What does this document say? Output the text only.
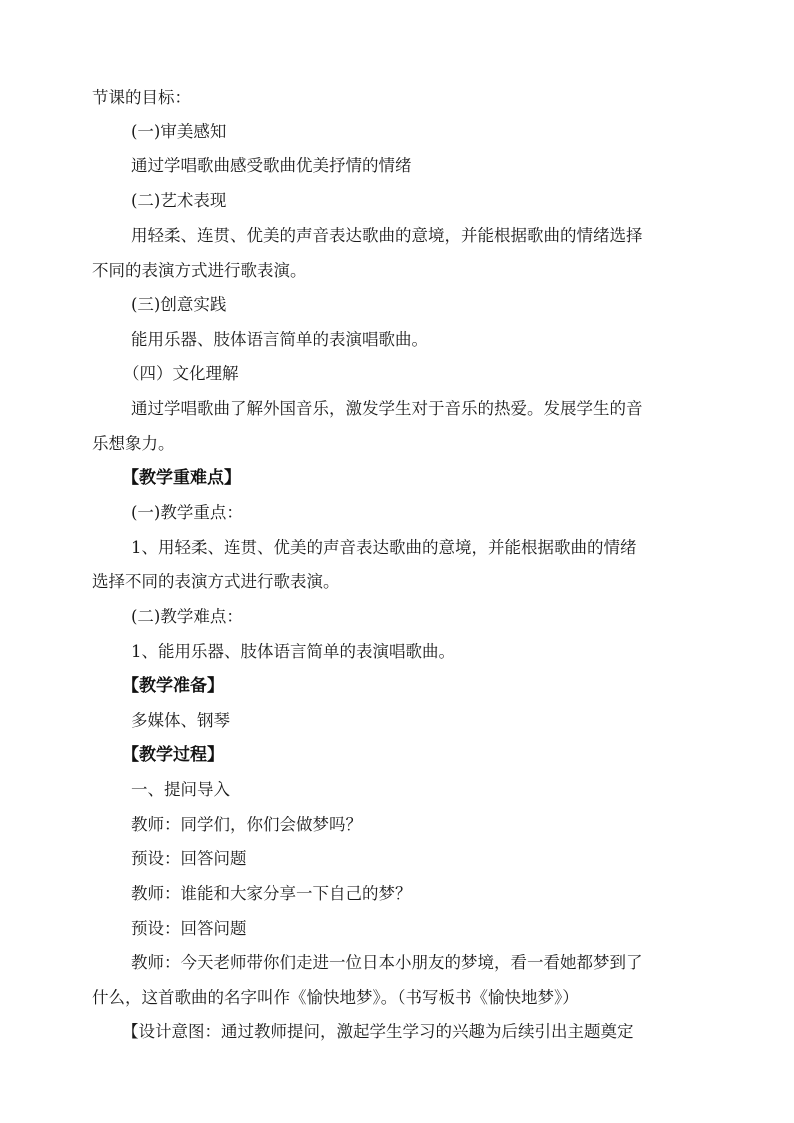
节课的目标：
(一)审美感知
通过学唱歌曲感受歌曲优美抒情的情绪
(二)艺术表现
用轻柔、连贯、优美的声音表达歌曲的意境，并能根据歌曲的情绪选择
不同的表演方式进行歌表演。
(三)创意实践
能用乐器、肢体语言简单的表演唱歌曲。
（四）文化理解
通过学唱歌曲了解外国音乐，激发学生对于音乐的热爱。发展学生的音
乐想象力。
【教学重难点】
(一)教学重点：
1、用轻柔、连贯、优美的声音表达歌曲的意境，并能根据歌曲的情绪
选择不同的表演方式进行歌表演。
(二)教学难点：
1、能用乐器、肢体语言简单的表演唱歌曲。
【教学准备】
多媒体、钢琴
【教学过程】
一、提问导入
教师：同学们，你们会做梦吗？
预设：回答问题
教师：谁能和大家分享一下自己的梦？
预设：回答问题
教师：今天老师带你们走进一位日本小朋友的梦境，看一看她都梦到了
什么，这首歌曲的名字叫作《愉快地梦》。（书写板书《愉快地梦》）
【设计意图：通过教师提问，激起学生学习的兴趣为后续引出主题奠定
